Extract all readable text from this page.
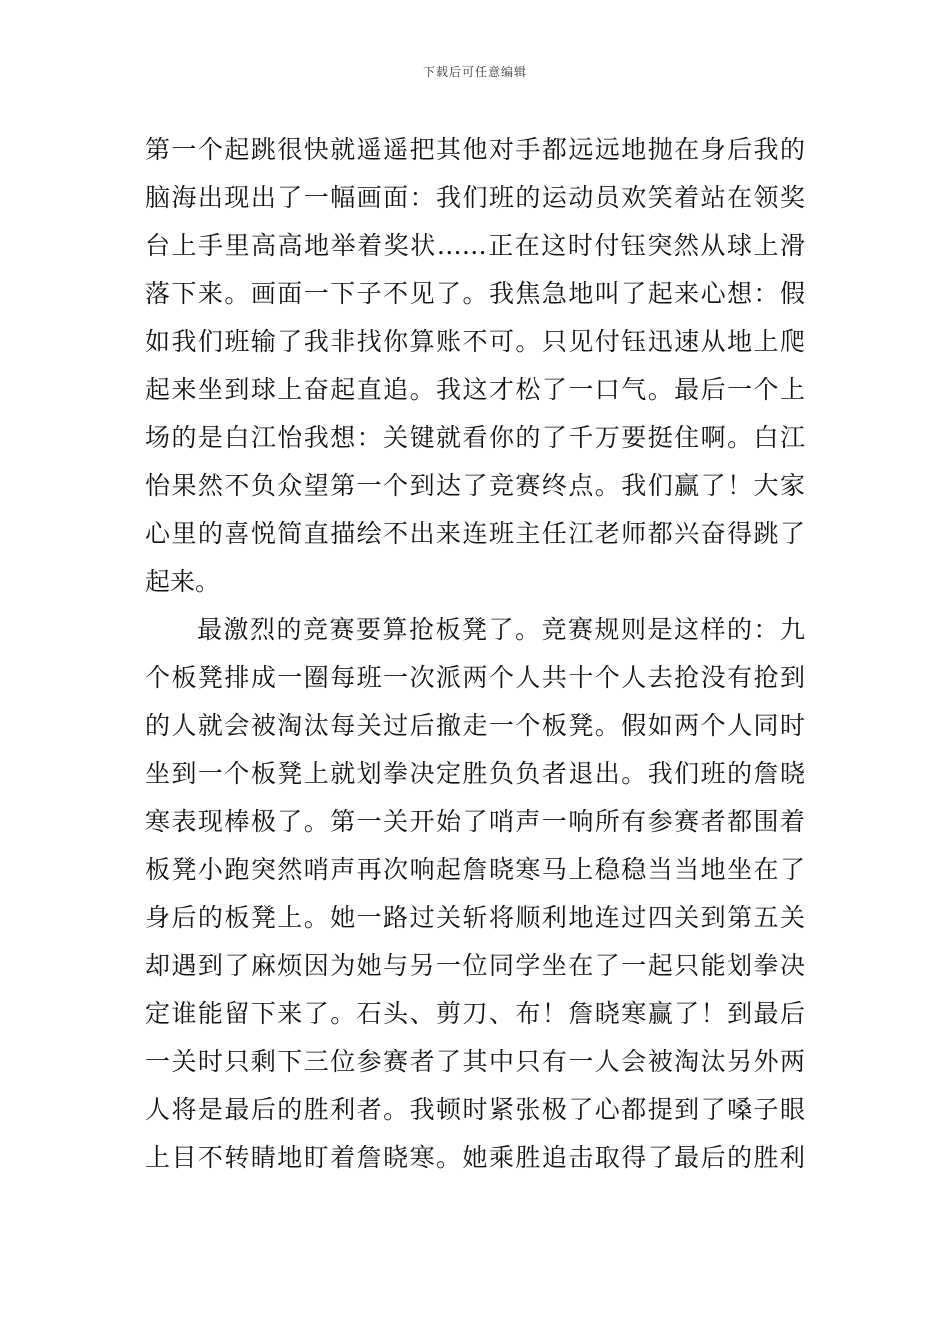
下载后可任意编辑
第一个起跳很快就遥遥把其他对手都远远地抛在身后我的
脑海出现出了一幅画面：我们班的运动员欢笑着站在领奖
台上手里高高地举着奖状……正在这时付钰突然从球上滑
落下来。画面一下子不见了。我焦急地叫了起来心想：假
如我们班输了我非找你算账不可。只见付钰迅速从地上爬
起来坐到球上奋起直追。我这才松了一口气。最后一个上
场的是白江怡我想：关键就看你的了千万要挺住啊。白江
怡果然不负众望第一个到达了竞赛终点。我们赢了！大家
心里的喜悦简直描绘不出来连班主任江老师都兴奋得跳了
起来。
最激烈的竞赛要算抢板凳了。竞赛规则是这样的：九
个板凳排成一圈每班一次派两个人共十个人去抢没有抢到
的人就会被淘汰每关过后撤走一个板凳。假如两个人同时
坐到一个板凳上就划拳决定胜负负者退出。我们班的詹晓
寒表现棒极了。第一关开始了哨声一响所有参赛者都围着
板凳小跑突然哨声再次响起詹晓寒马上稳稳当当地坐在了
身后的板凳上。她一路过关斩将顺利地连过四关到第五关
却遇到了麻烦因为她与另一位同学坐在了一起只能划拳决
定谁能留下来了。石头、剪刀、布！詹晓寒赢了！到最后
一关时只剩下三位参赛者了其中只有一人会被淘汰另外两
人将是最后的胜利者。我顿时紧张极了心都提到了嗓子眼
上目不转睛地盯着詹晓寒。她乘胜追击取得了最后的胜利
